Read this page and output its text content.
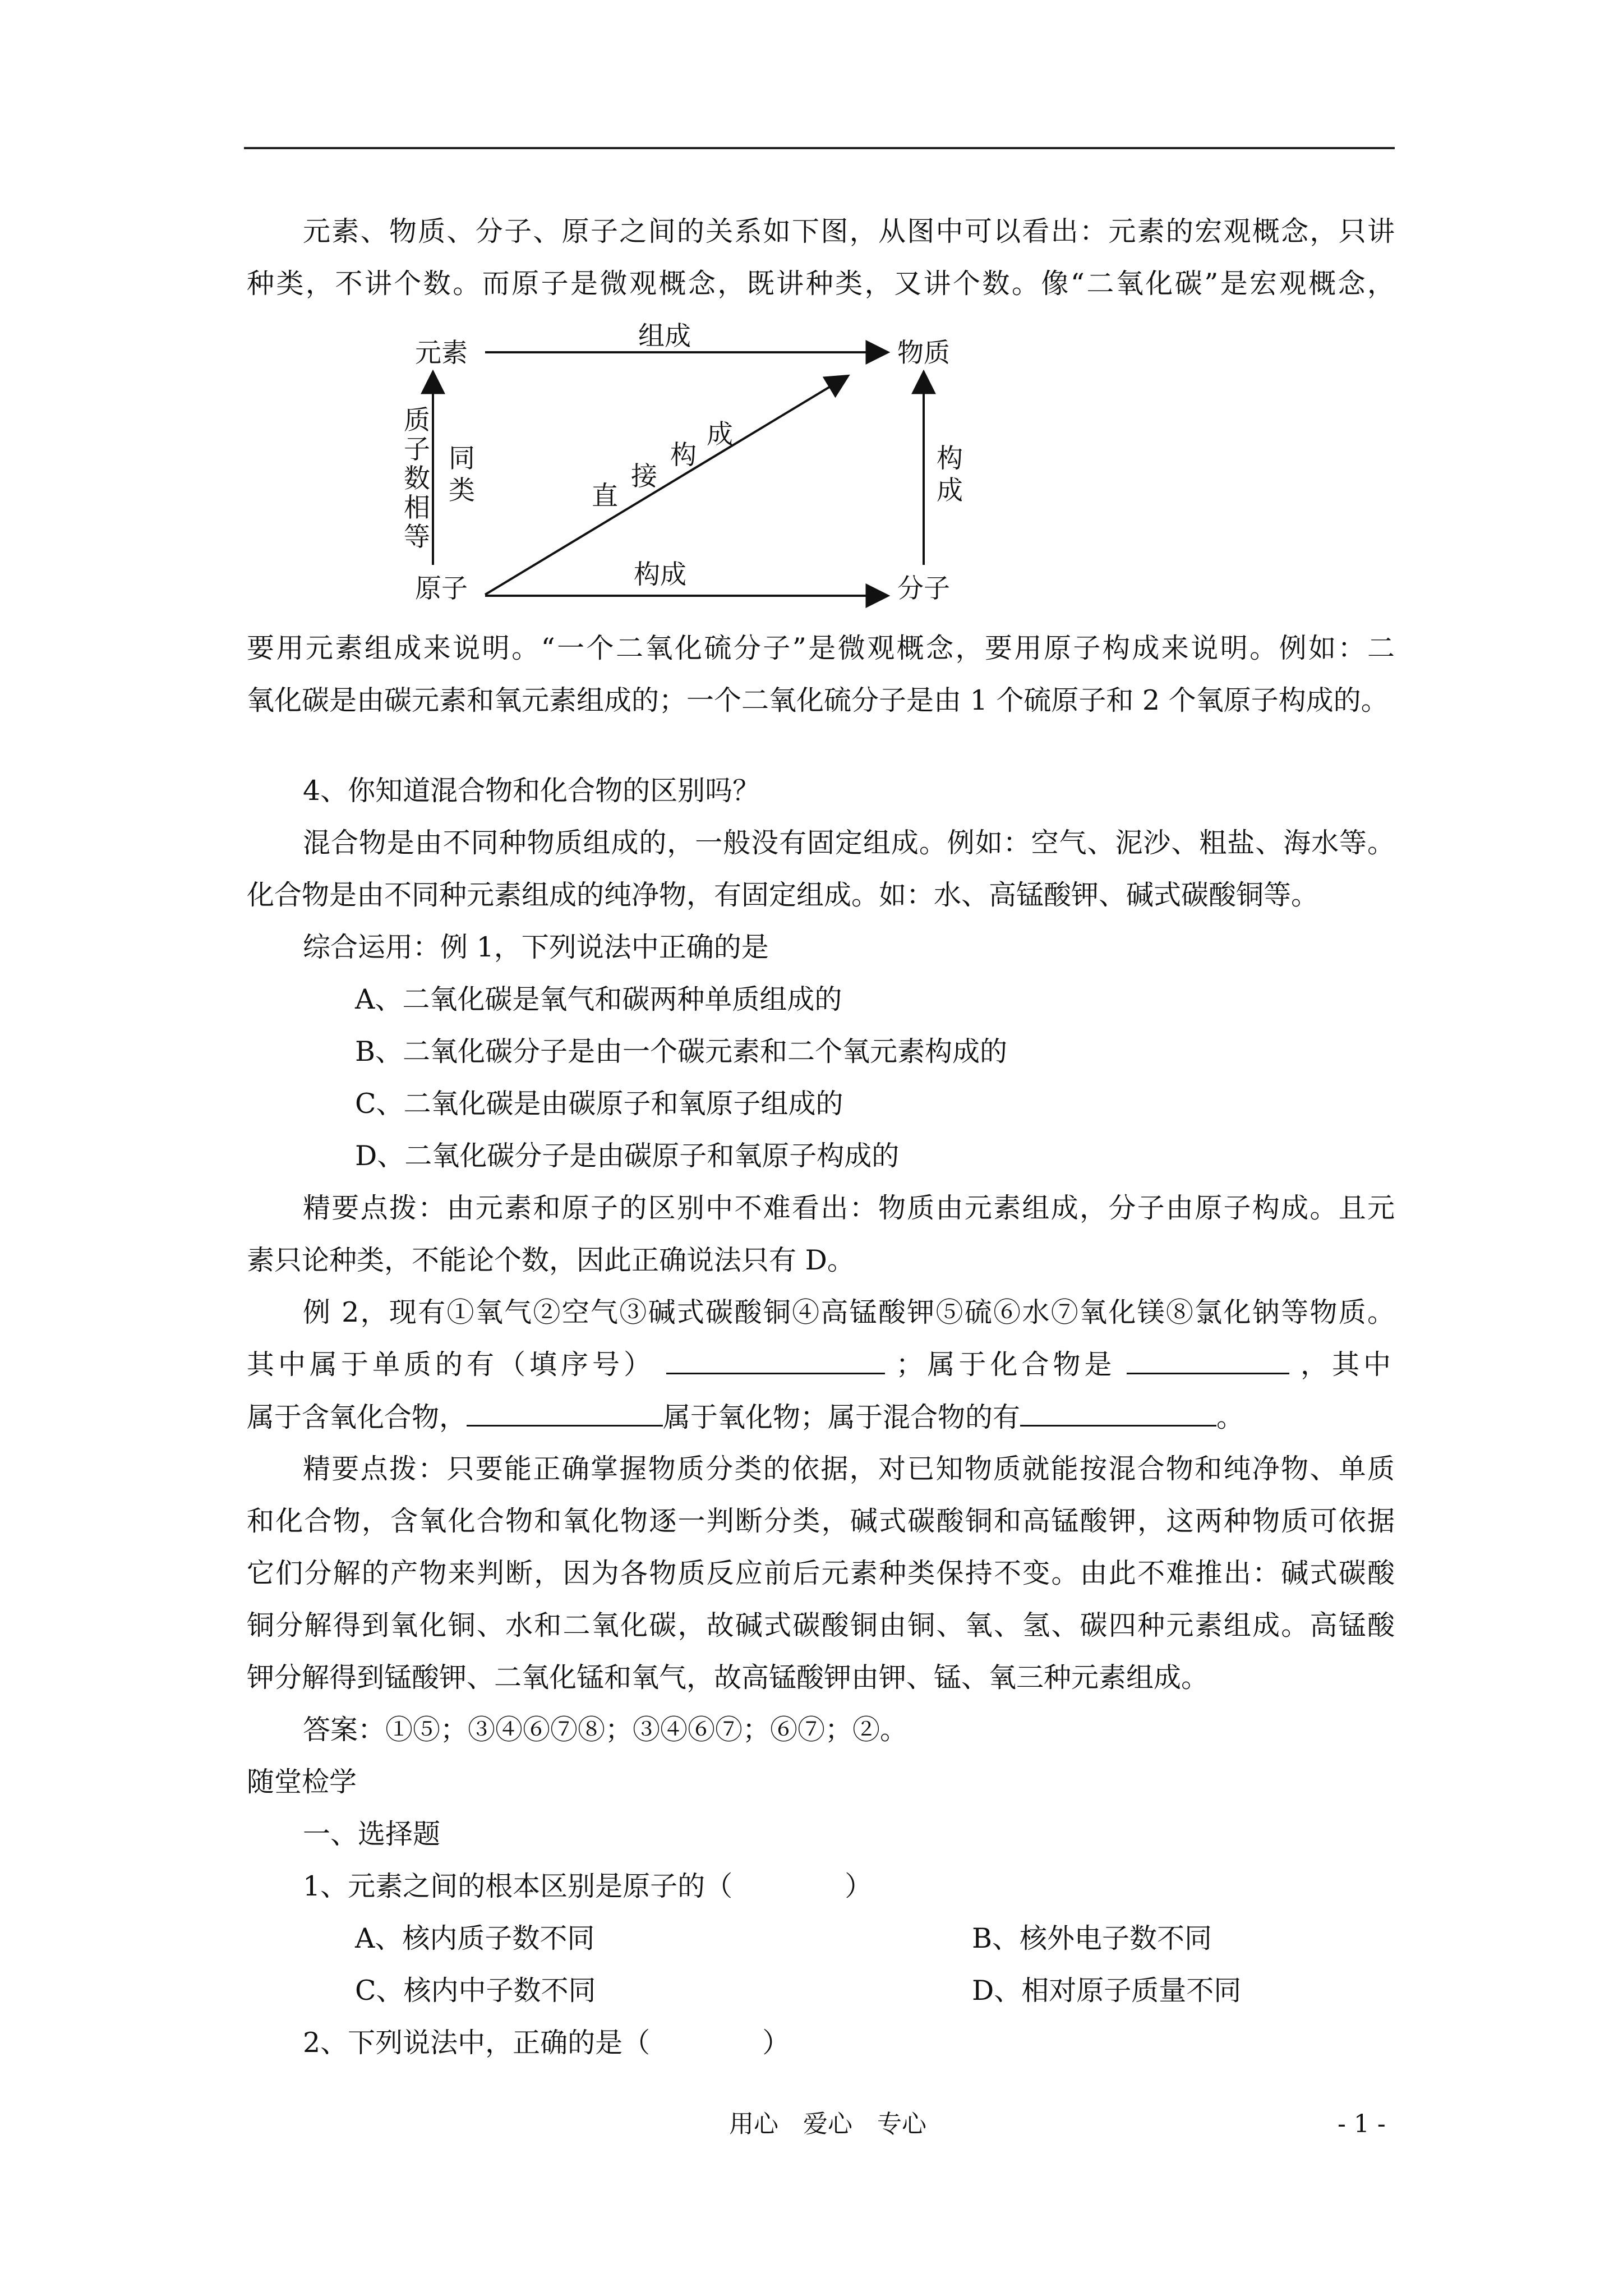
元素、物质、分子、原子之间的关系如下图，从图中可以看出：元素的宏观概念，只讲
种类，不讲个数。而原子是微观概念，既讲种类，又讲个数。像“二氧化碳”是宏观概念，
元素	物质
原子	分子
组成
构成
构
成
质
子
数
相
等
同
类	直
接
构
成
要用元素组成来说明。“一个二氧化硫分子”是微观概念，要用原子构成来说明。例如：二
氧化碳是由碳元素和氧元素组成的；一个二氧化硫分子是由 1 个硫原子和 2 个氧原子构成的。
4、你知道混合物和化合物的区别吗？
混合物是由不同种物质组成的，一般没有固定组成。例如：空气、泥沙、粗盐、海水等。
化合物是由不同种元素组成的纯净物，有固定组成。如：水、高锰酸钾、碱式碳酸铜等。
综合运用：例 1，下列说法中正确的是
A、二氧化碳是氧气和碳两种单质组成的
B、二氧化碳分子是由一个碳元素和二个氧元素构成的
C、二氧化碳是由碳原子和氧原子组成的
D、二氧化碳分子是由碳原子和氧原子构成的
精要点拨：由元素和原子的区别中不难看出：物质由元素组成，分子由原子构成。且元
素只论种类，不能论个数，因此正确说法只有 D。
例 2，现有①氧气②空气③碱式碳酸铜④高锰酸钾⑤硫⑥水⑦氧化镁⑧氯化钠等物质。
其中属于单质的有（填序号）	；属于化合物是	，其中
属于含氧化合物，	属于氧化物；属于混合物的有	。
精要点拨：只要能正确掌握物质分类的依据，对已知物质就能按混合物和纯净物、单质
和化合物，含氧化合物和氧化物逐一判断分类，碱式碳酸铜和高锰酸钾，这两种物质可依据
它们分解的产物来判断，因为各物质反应前后元素种类保持不变。由此不难推出：碱式碳酸
铜分解得到氧化铜、水和二氧化碳，故碱式碳酸铜由铜、氧、氢、碳四种元素组成。高锰酸
钾分解得到锰酸钾、二氧化锰和氧气，故高锰酸钾由钾、锰、氧三种元素组成。
答案：①⑤；③④⑥⑦⑧；③④⑥⑦；⑥⑦；②。
随堂检学
一、选择题
1、元素之间的根本区别是原子的（	）
A、核内质子数不同	B、核外电子数不同
C、核内中子数不同	D、相对原子质量不同
2、下列说法中，正确的是（	）
用心　爱心　专心	- 1 -
